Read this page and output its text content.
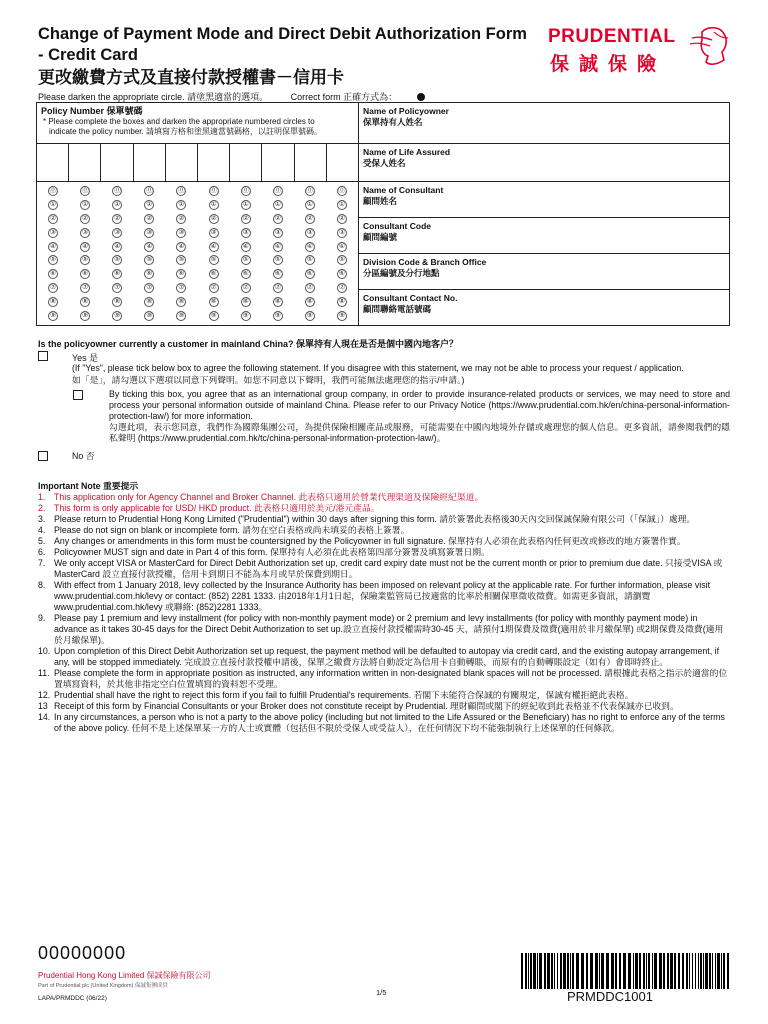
Change of Payment Mode and Direct Debit Authorization Form
- Credit Card
更改繳費方式及直接付款授權書－信用卡
PRUDENTIAL
保誠保險
Please darken the appropriate circle. 請塗黑適當的選項。	Correct form 正確方式為：
Policy Number 保單號碼
* Please complete the boxes and darken the appropriate numbered circles to
indicate the policy number. 請填寫方格和塗黑適當號碼格，以註明保單號碼。
⓪
①
②
③
④
⑤
⑥
⑦
⑧
⑨
⓪
①
②
③
④
⑤
⑥
⑦
⑧
⑨
⓪
①
②
③
④
⑤
⑥
⑦
⑧
⑨
⓪
①
②
③
④
⑤
⑥
⑦
⑧
⑨
⓪
①
②
③
④
⑤
⑥
⑦
⑧
⑨
⓪
①
②
③
④
⑤
⑥
⑦
⑧
⑨
⓪
①
②
③
④
⑤
⑥
⑦
⑧
⑨
⓪
①
②
③
④
⑤
⑥
⑦
⑧
⑨
⓪
①
②
③
④
⑤
⑥
⑦
⑧
⑨
⓪
①
②
③
④
⑤
⑥
⑦
⑧
⑨
Name of Policyowner
保單持有人姓名
Name of Life Assured
受保人姓名
Name of Consultant
顧問姓名
Consultant Code
顧問編號
Division Code & Branch Office
分區編號及分行地點
Consultant Contact No.
顧問聯絡電話號碼
Is the policyowner currently a customer in mainland China? 保單持有人現在是否是個中國內地客户？
Yes 是
(If "Yes", please tick below box to agree the following statement. If you disagree with this statement, we may not be able to process your request / application.
如「是」，請勾選以下選項以同意下列聲明。如您不同意以下聲明，我們可能無法處理您的指示/申請。)
By ticking this box, you agree that as an international group company, in order to provide insurance-related products or services, we may need to store and process your personal information outside of mainland China. Please refer to our Privacy Notice (https://www.prudential.com.hk/en/china-personal-information-protection-law/) for more information.
勾選此項，表示您同意，我們作為國際集團公司，為提供保險相關產品或服務，可能需要在中國內地境外存儲或處理您的個人信息。更多資訊，請參閱我們的隱私聲明 (https://www.prudential.com.hk/tc/china-personal-information-protection-law/)。
No 否
Important Note 重要提示
1. This application only for Agency Channel and Broker Channel. 此表格只適用於營業代理渠道及保險經紀渠道。
2. This form is only applicable for USD/ HKD product. 此表格只適用於美元/港元產品。
3. Please return to Prudential Hong Kong Limited ("Prudential") within 30 days after signing this form. 請於簽署此表格後30天內交回保誠保險有限公司（「保誠」）處理。
4. Please do not sign on blank or incomplete form. 請勿在空白表格或尚未填妥的表格上簽署。
5. Any changes or amendments in this form must be countersigned by the Policyowner in full signature. 保單持有人必須在此表格內任何更改或修改的地方簽署作實。
6. Policyowner MUST sign and date in Part 4 of this form. 保單持有人必須在此表格第四部分簽署及填寫簽署日期。
7. We only accept VISA or MasterCard for Direct Debit Authorization set up, credit card expiry date must not be the current month or prior to premium due date. 只接受VISA 或 MasterCard 設立直接付款授權，信用卡到期日不能為本月或早於保費到期日。
8. With effect from 1 January 2018, levy collected by the Insurance Authority has been imposed on relevant policy at the applicable rate. For further information, please visit www.prudential.com.hk/levy or contact: (852) 2281 1333. 由2018年1月1日起，保險業監管局已按適當的比率於相關保單徵收徵費。如需更多資訊，請瀏覽www.prudential.com.hk/levy 或聯絡: (852)2281 1333。
9. Please pay 1 premium and levy installment (for policy with non-monthly payment mode) or 2 premium and levy installments (for policy with monthly payment mode) in advance as it takes 30-45 days for the Direct Debit Authorization to set up.設立直接付款授權需時30-45 天，請預付1期保費及徵費(適用於非月繳保單) 或2期保費及徵費(適用於月繳保單)。
10. Upon completion of this Direct Debit Authorization set up request, the payment method will be defaulted to autopay via credit card, and the existing autopay arrangement, if any, will be stopped immediately. 完成設立直接付款授權申請後，保單之繳費方法將自動設定為信用卡自動轉賬，而原有的自動轉賬設定（如有）會即時終止。
11. Please complete the form in appropriate position as instructed, any information written in non-designated blank spaces will not be processed. 請根據此表格之指示於適當的位置填寫資料，於其他非指定空白位置填寫的資料恕不受理。
12. Prudential shall have the right to reject this form if you fail to fulfill Prudential's requirements. 若閣下未能符合保誠的有關規定，保誠有權拒絕此表格。
13 Receipt of this form by Financial Consultants or your Broker does not constitute receipt by Prudential. 理財顧問或閣下的經紀收到此表格並不代表保誠亦已收到。
14. In any circumstances, a person who is not a party to the above policy (including but not limited to the Life Assured or the Beneficiary) has no right to enforce any of the terms of the above policy. 任何不是上述保單某一方的人士或實體（包括但不限於受保人或受益人），在任何情況下均不能強制執行上述保單的任何條款。
00000000
Prudential Hong Kong Limited 保誠保險有限公司
Part of Prudential plc (United Kingdom) 保誠集團成員
LAPA/PRMDDC (06/22)
1/5	PRMDDC1001
